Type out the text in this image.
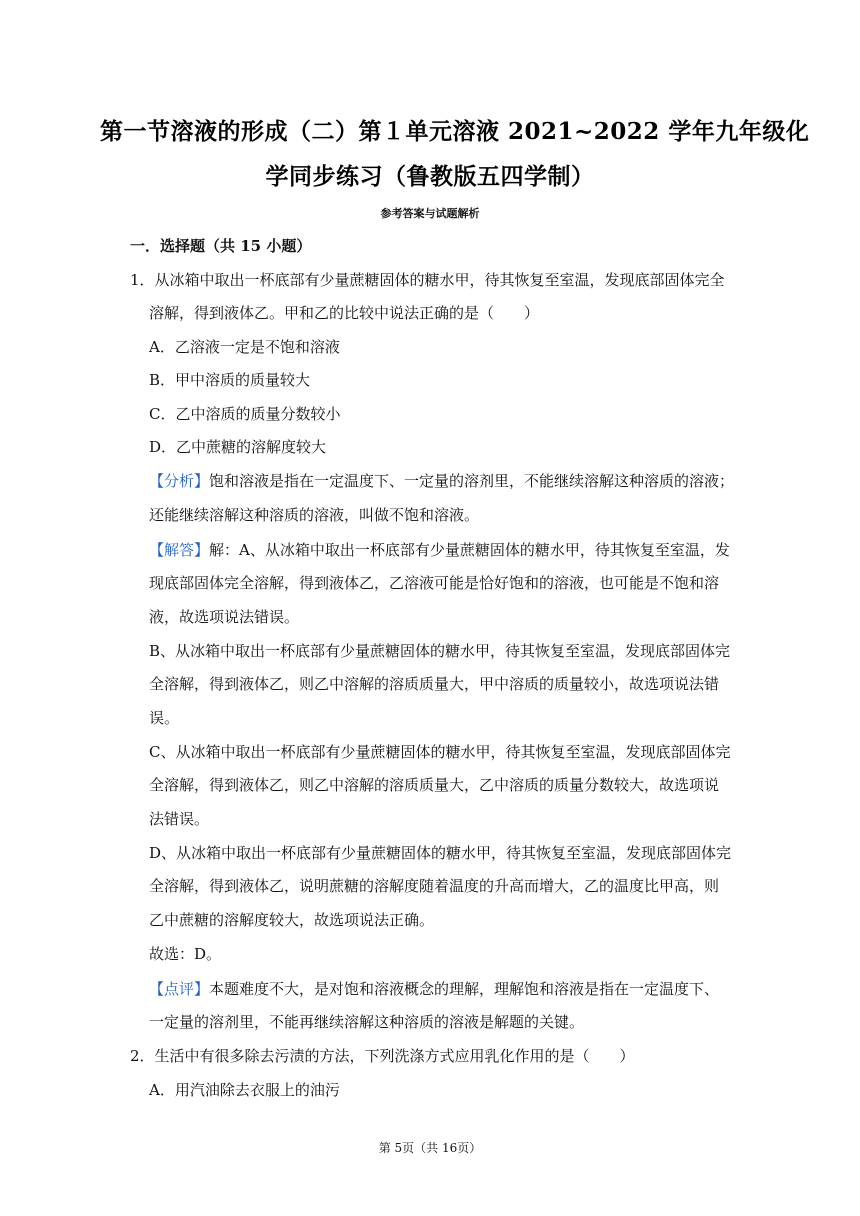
第一节溶液的形成（二）第１单元溶液 2021~2022 学年九年级化
学同步练习（鲁教版五四学制）
参考答案与试题解析
一．选择题（共 15 小题）
1．从冰箱中取出一杯底部有少量蔗糖固体的糖水甲，待其恢复至室温，发现底部固体完全
溶解，得到液体乙。甲和乙的比较中说法正确的是（　　）
A．乙溶液一定是不饱和溶液
B．甲中溶质的质量较大
C．乙中溶质的质量分数较小
D．乙中蔗糖的溶解度较大
【分析】饱和溶液是指在一定温度下、一定量的溶剂里，不能继续溶解这种溶质的溶液；
还能继续溶解这种溶质的溶液，叫做不饱和溶液。
【解答】解：A、从冰箱中取出一杯底部有少量蔗糖固体的糖水甲，待其恢复至室温，发
现底部固体完全溶解，得到液体乙，乙溶液可能是恰好饱和的溶液，也可能是不饱和溶
液，故选项说法错误。
B、从冰箱中取出一杯底部有少量蔗糖固体的糖水甲，待其恢复至室温，发现底部固体完
全溶解，得到液体乙，则乙中溶解的溶质质量大，甲中溶质的质量较小，故选项说法错
误。
C、从冰箱中取出一杯底部有少量蔗糖固体的糖水甲，待其恢复至室温，发现底部固体完
全溶解，得到液体乙，则乙中溶解的溶质质量大，乙中溶质的质量分数较大，故选项说
法错误。
D、从冰箱中取出一杯底部有少量蔗糖固体的糖水甲，待其恢复至室温，发现底部固体完
全溶解，得到液体乙，说明蔗糖的溶解度随着温度的升高而增大，乙的温度比甲高，则
乙中蔗糖的溶解度较大，故选项说法正确。
故选：D。
【点评】本题难度不大，是对饱和溶液概念的理解，理解饱和溶液是指在一定温度下、
一定量的溶剂里，不能再继续溶解这种溶质的溶液是解题的关键。
2．生活中有很多除去污渍的方法，下列洗涤方式应用乳化作用的是（　　）
A．用汽油除去衣服上的油污
第 5页（共 16页）
